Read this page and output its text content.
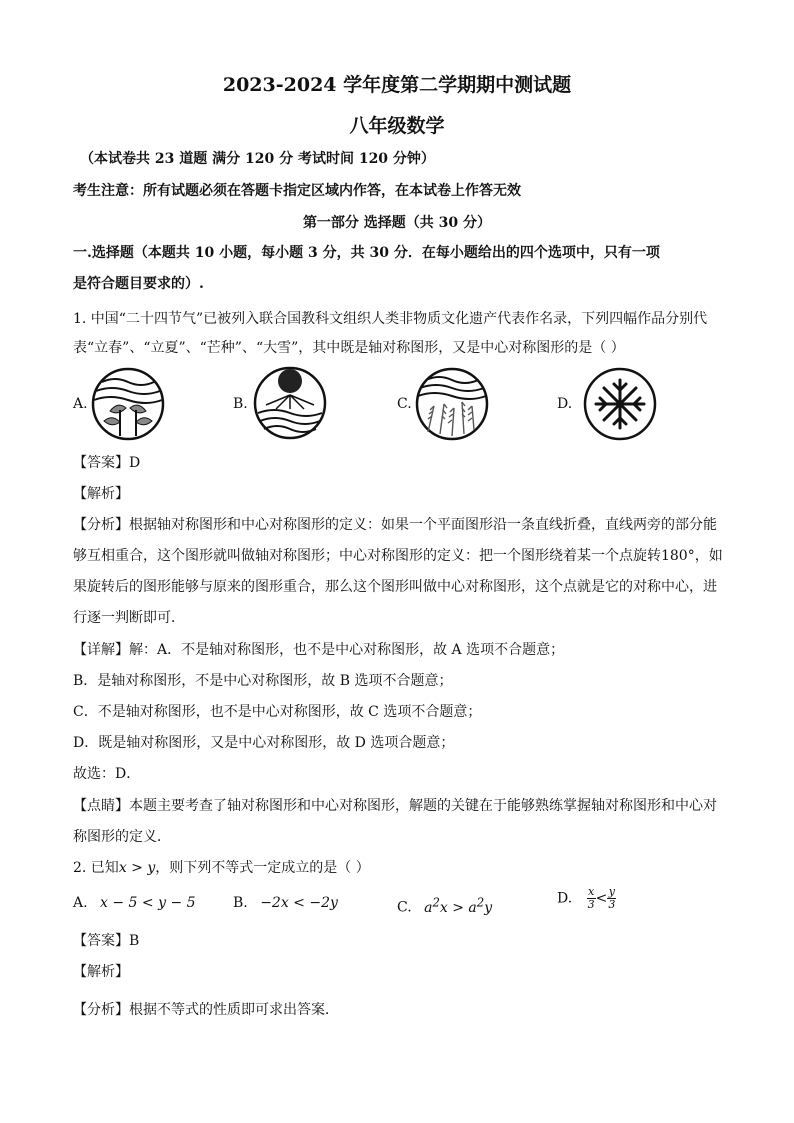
2023-2024 学年度第二学期期中测试题
八年级数学
（本试卷共 23 道题 满分 120 分 考试时间 120 分钟）
考生注意：所有试题必须在答题卡指定区域内作答，在本试卷上作答无效
第一部分 选择题（共 30 分）
一.选择题（本题共 10 小题，每小题 3 分，共 30 分．在每小题给出的四个选项中，只有一项
是符合题目要求的）.
1. 中国“二十四节气”已被列入联合国教科文组织人类非物质文化遗产代表作名录，下列四幅作品分别代
表“立春”、“立夏”、“芒种”、“大雪”，其中既是轴对称图形，又是中心对称图形的是（ ）
A.	B.	C.	D.
【答案】D
【解析】
【分析】根据轴对称图形和中心对称图形的定义：如果一个平面图形沿一条直线折叠，直线两旁的部分能
够互相重合，这个图形就叫做轴对称图形；中心对称图形的定义：把一个图形绕着某一个点旋转180°，如
果旋转后的图形能够与原来的图形重合，那么这个图形叫做中心对称图形，这个点就是它的对称中心，进
行逐一判断即可．
【详解】解：A．不是轴对称图形，也不是中心对称图形，故 A 选项不合题意；
B．是轴对称图形，不是中心对称图形，故 B 选项不合题意；
C．不是轴对称图形，也不是中心对称图形，故 C 选项不合题意；
D．既是轴对称图形，又是中心对称图形，故 D 选项合题意；
故选：D．
【点睛】本题主要考查了轴对称图形和中心对称图形，解题的关键在于能够熟练掌握轴对称图形和中心对
称图形的定义．
2. 已知x > y，则下列不等式一定成立的是（ ）
A. x − 5 < y − 5	B. −2x < −2y	C. $a^2x > a^2y$
D. $\frac{x}{3} < \frac{y}{3}$
【答案】B
【解析】
【分析】根据不等式的性质即可求出答案．
